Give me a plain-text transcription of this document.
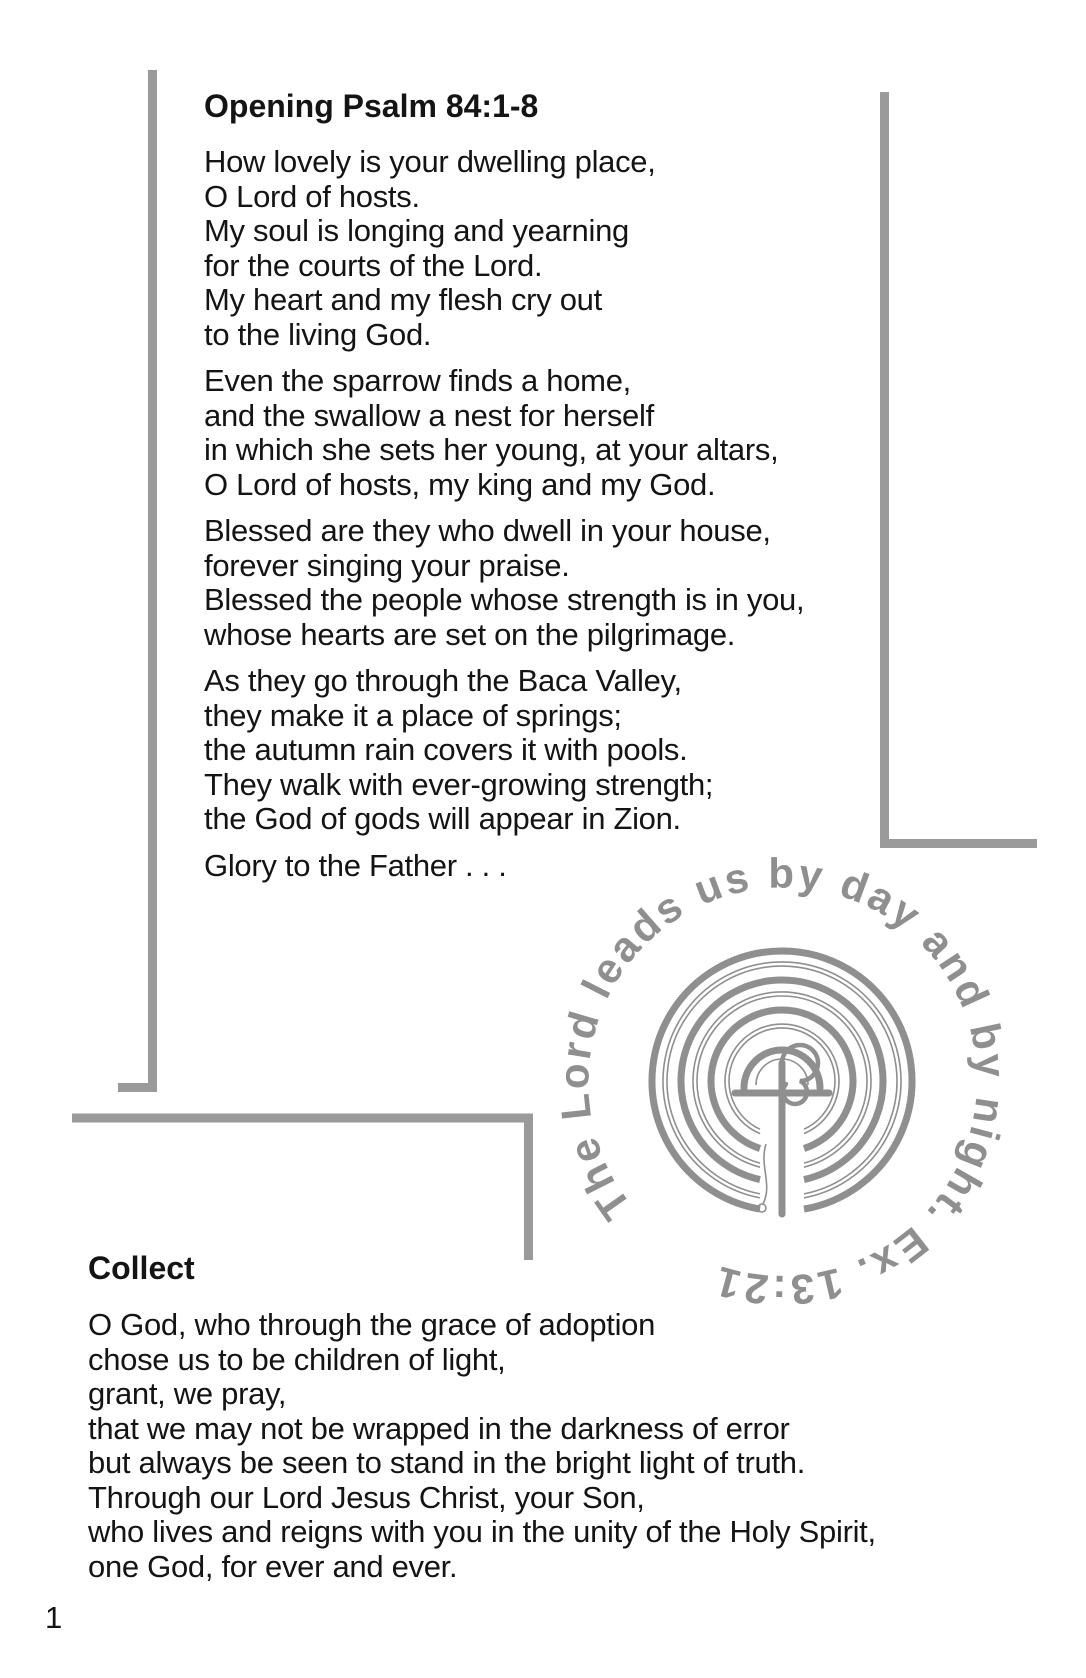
The Lord leads us by day and by night. Ex. 13:21
Opening Psalm 84:1-8

How lovely is your dwelling place,
O Lord of hosts.
My soul is longing and yearning
for the courts of the Lord.
My heart and my flesh cry out
to the living God.

Even the sparrow finds a home,
and the swallow a nest for herself
in which she sets her young, at your altars,
O Lord of hosts, my king and my God.

Blessed are they who dwell in your house,
forever singing your praise.
Blessed the people whose strength is in you,
whose hearts are set on the pilgrimage.

As they go through the Baca Valley,
they make it a place of springs;
the autumn rain covers it with pools.
They walk with ever-growing strength;
the God of gods will appear in Zion.

Glory to the Father . . .

Collect

O God, who through the grace of adoption
chose us to be children of light,
grant, we pray,
that we may not be wrapped in the darkness of error
but always be seen to stand in the bright light of truth.
Through our Lord Jesus Christ, your Son,
who lives and reigns with you in the unity of the Holy Spirit,
one God, for ever and ever.

1
